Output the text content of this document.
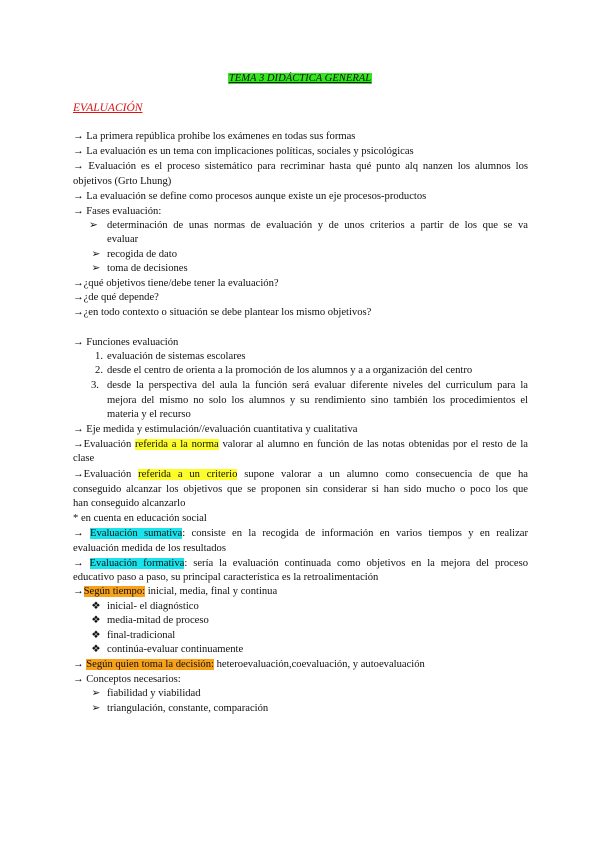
TEMA 3 DIDÁCTICA GENERAL
EVALUACIÓN
→ La primera república prohibe los exámenes en todas sus formas
→ La evaluación es un tema con implicaciones políticas, sociales y psicológicas
→ Evaluación es el proceso sistemático para recriminar hasta qué punto alq nanzen los alumnos los
objetivos (Grto Lhung)
→ La evaluación se define como procesos aunque existe un eje procesos-productos
→ Fases evaluación:
➢ determinación de unas normas de evaluación y de unos criterios a partir de los que se va
evaluar
➢ recogida de dato
➢ toma de decisiones
→¿qué objetivos tiene/debe tener la evaluación?
→¿de qué depende?
→¿en todo contexto o situación se debe plantear los mismo objetivos?
→ Funciones evaluación
1. evaluación de sistemas escolares
2. desde el centro de orienta a la promoción de los alumnos y a a organización del centro
3. desde la perspectiva del aula la función será evaluar diferente niveles del curriculum para la
mejora del mismo no solo los alumnos y su rendimiento sino también los procedimientos el
materia y el recurso
→ Eje medida y estimulación//evaluación cuantitativa y cualitativa
→Evaluación referida a la norma valorar al alumno en función de las notas obtenidas por el resto de la
clase
→Evaluación referida a un criterio supone valorar a un alumno como consecuencia de que ha
conseguido alcanzar los objetivos que se proponen sin considerar si han sido mucho o poco los que
han conseguido alcanzarlo
* en cuenta en educación social
→ Evaluación sumativa: consiste en la recogida de información en varios tiempos y en realizar
evaluación medida de los resultados
→ Evaluación formativa: sería la evaluación continuada como objetivos en la mejora del proceso
educativo paso a paso, su principal característica es la retroalimentación
→Según tiempo: inicial, media, final y continua
❖ inicial- el diagnóstico
❖ media-mitad de proceso
❖ final-tradicional
❖ continúa-evaluar continuamente
→ Según quien toma la decisión: heteroevaluación,coevaluación, y autoevaluación
→ Conceptos necesarios:
➢ fiabilidad y viabilidad
➢ triangulación, constante, comparación
